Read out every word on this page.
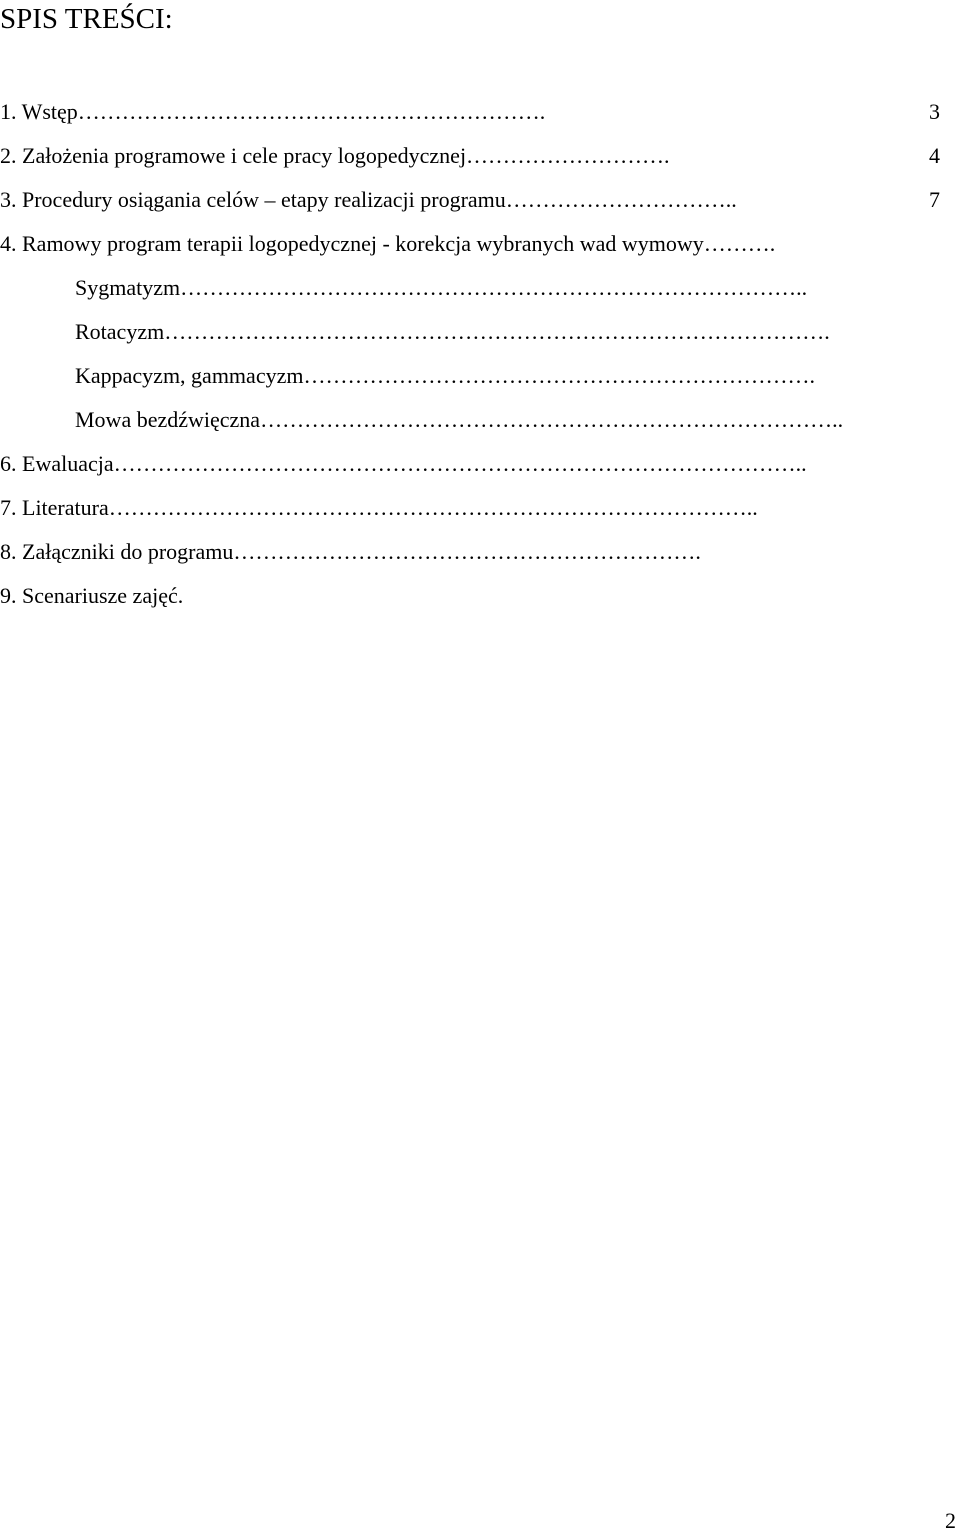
SPIS TREŚCI:
1. Wstęp……………………………………………………….	3
2. Założenia programowe i cele pracy logopedycznej……………………….	4
3. Procedury osiągania celów – etapy realizacji programu…………………………..	7
4. Ramowy program terapii logopedycznej - korekcja wybranych wad wymowy……….
Sygmatyzm…………………………………………………………………………..
Rotacyzm……………………………………………………………………………….
Kappacyzm, gammacyzm…………………………………………………………….
Mowa bezdźwięczna……………………………………………………………………..
6. Ewaluacja…………………………………………………………………………………..
7. Literatura……………………………………………………………………………..
8. Załączniki do programu……………………………………………………….
9. Scenariusze zajęć.
2
